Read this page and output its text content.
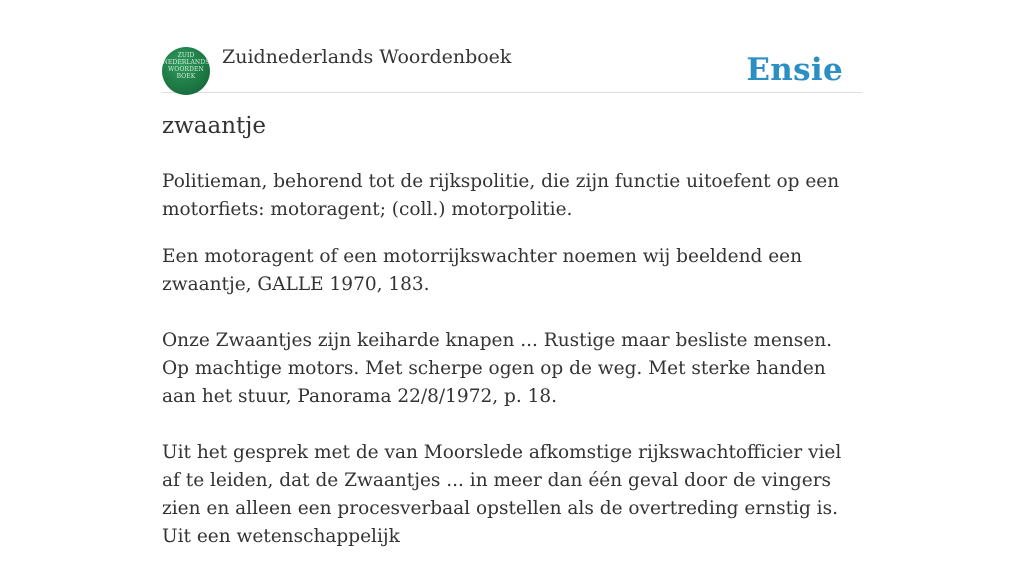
ZUID
NEDERLANDS
WOORDEN
BOEK
Zuidnederlands Woordenboek	Ensie
zwaantje

Politieman, behorend tot de rijkspolitie, die zijn functie uitoefent op een motorfiets: motoragent; (coll.) motorpolitie.

Een motoragent of een motorrijkswachter noemen wij beeldend een zwaantje, GALLE 1970, 183.

Onze Zwaantjes zijn keiharde knapen ... Rustige maar besliste mensen. Op machtige motors. Met scherpe ogen op de weg. Met sterke handen aan het stuur, Panorama 22/8/1972, p. 18.

Uit het gesprek met de van Moorslede afkomstige rijkswachtofficier viel af te leiden, dat de Zwaantjes ... in meer dan één geval door de vingers zien en alleen een procesverbaal opstellen als de overtreding ernstig is. Uit een wetenschappelijk
